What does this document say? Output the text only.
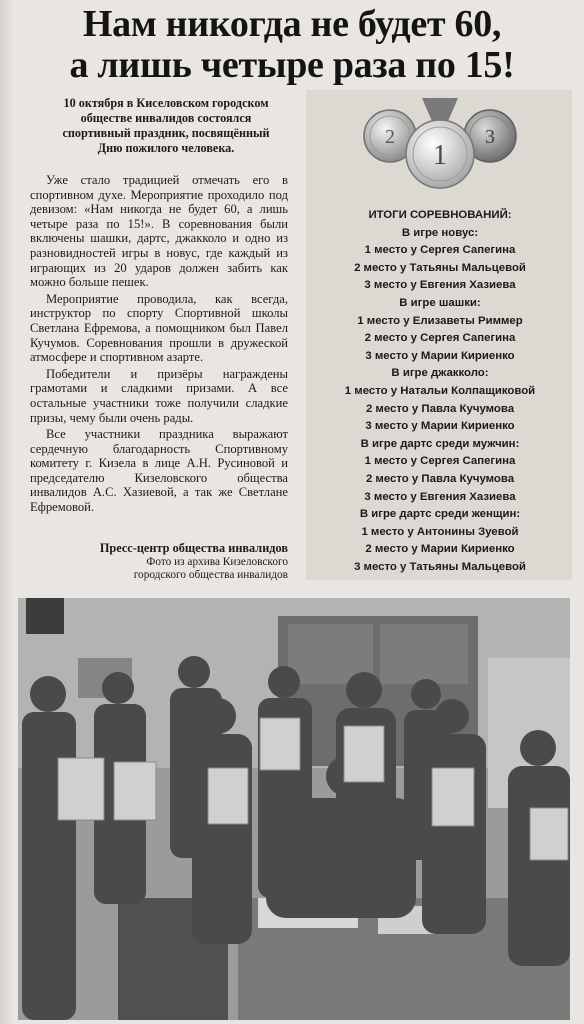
Нам никогда не будет 60,
а лишь четыре раза по 15!
10 октября в Киселовском городском обществе инвалидов состоялся спортивный праздник, посвящённый Дню пожилого человека.

Уже стало традицией отмечать его в спортивном духе. Мероприятие проходило под девизом: «Нам никогда не будет 60, а лишь четыре раза по 15!». В соревнования были включены шашки, дартс, джакколо и одно из разновидностей игры в новус, где каждый из играющих из 20 ударов должен забить как можно больше пешек.

Мероприятие проводила, как всегда, инструктор по спорту Спортивной школы Светлана Ефремова, а помощником был Павел Кучумов. Соревнования прошли в дружеской атмосфере и спортивном азарте.

Победители и призёры награждены грамотами и сладкими призами. А все остальные участники тоже получили сладкие призы, чему были очень рады.

Все участники праздника выражают сердечную благодарность Спортивному комитету г. Кизела в лице А.Н. Русиновой и председателю Кизеловского общества инвалидов А.С. Хазиевой, а так же Светлане Ефремовой.

Пресс-центр общества инвалидов
Фото из архива Кизеловского
городского общества инвалидов
2	3
1
ИТОГИ СОРЕВНОВАНИЙ:
В игре новус:
1 место у Сергея Сапегина
2 место у Татьяны Мальцевой
3 место у Евгения Хазиева
В игре шашки:
1 место у Елизаветы Риммер
2 место у Сергея Сапегина
3 место у Марии Кириенко
В игре джакколо:
1 место у Натальи Колпащиковой
2 место у Павла Кучумова
3 место у Марии Кириенко
В игре дартс среди мужчин:
1 место у Сергея Сапегина
2 место у Павла Кучумова
3 место у Евгения Хазиева
В игре дартс среди женщин:
1 место у Антонины Зуевой
2 место у Марии Кириенко
3 место у Татьяны Мальцевой
